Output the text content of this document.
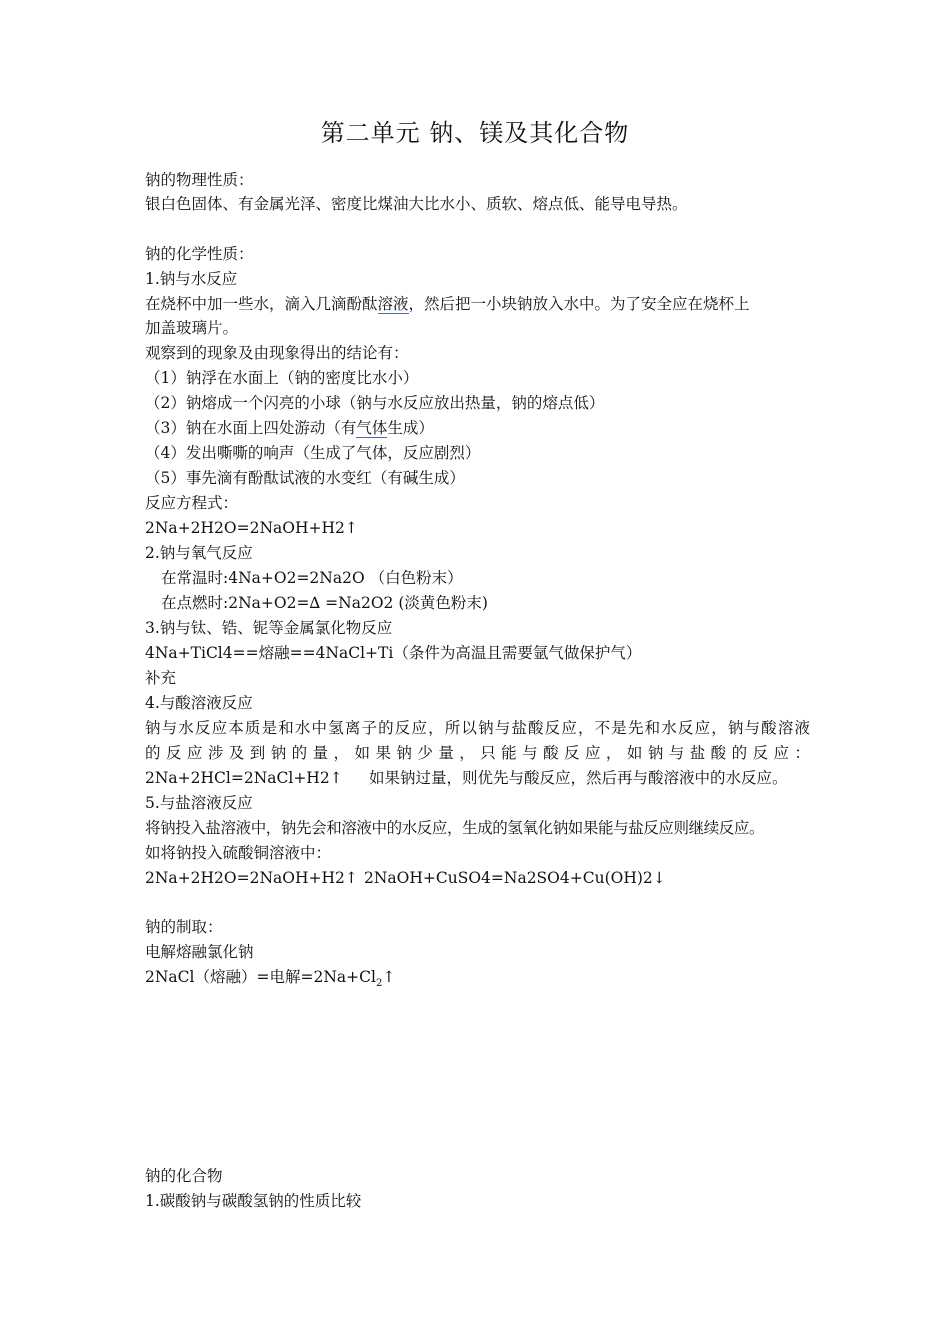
第二单元 钠、镁及其化合物
钠的物理性质：
银白色固体、有金属光泽、密度比煤油大比水小、质软、熔点低、能导电导热。
钠的化学性质：
1.钠与水反应
在烧杯中加一些水，滴入几滴酚酞溶液，然后把一小块钠放入水中。为了安全应在烧杯上
加盖玻璃片。
观察到的现象及由现象得出的结论有：
（1）钠浮在水面上（钠的密度比水小）
（2）钠熔成一个闪亮的小球（钠与水反应放出热量，钠的熔点低）
（3）钠在水面上四处游动（有气体生成）
（4）发出嘶嘶的响声（生成了气体，反应剧烈）
（5）事先滴有酚酞试液的水变红（有碱生成）
反应方程式：
2Na+2H2O=2NaOH+H2↑
2.钠与氧气反应
在常温时:4Na+O2=2Na2O （白色粉末）
在点燃时:2Na+O2=∆ =Na2O2 (淡黄色粉末)
3.钠与钛、锆、铌等金属氯化物反应
4Na+TiCl4==熔融==4NaCl+Ti（条件为高温且需要氩气做保护气）
补充
4.与酸溶液反应
钠与水反应本质是和水中氢离子的反应，所以钠与盐酸反应，不是先和水反应，钠与酸溶液
的反应涉及到钠的量，如果钠少量，只能与酸反应，如钠与盐酸的反应：
2Na+2HCl=2NaCl+H2↑ 如果钠过量，则优先与酸反应，然后再与酸溶液中的水反应。
5.与盐溶液反应
将钠投入盐溶液中，钠先会和溶液中的水反应，生成的氢氧化钠如果能与盐反应则继续反应。
如将钠投入硫酸铜溶液中：
2Na+2H2O=2NaOH+H2↑ 2NaOH+CuSO4=Na2SO4+Cu(OH)2↓
钠的制取：
电解熔融氯化钠
2NaCl（熔融）=电解$=2Na+Cl_2↑$
钠的化合物
1.碳酸钠与碳酸氢钠的性质比较
